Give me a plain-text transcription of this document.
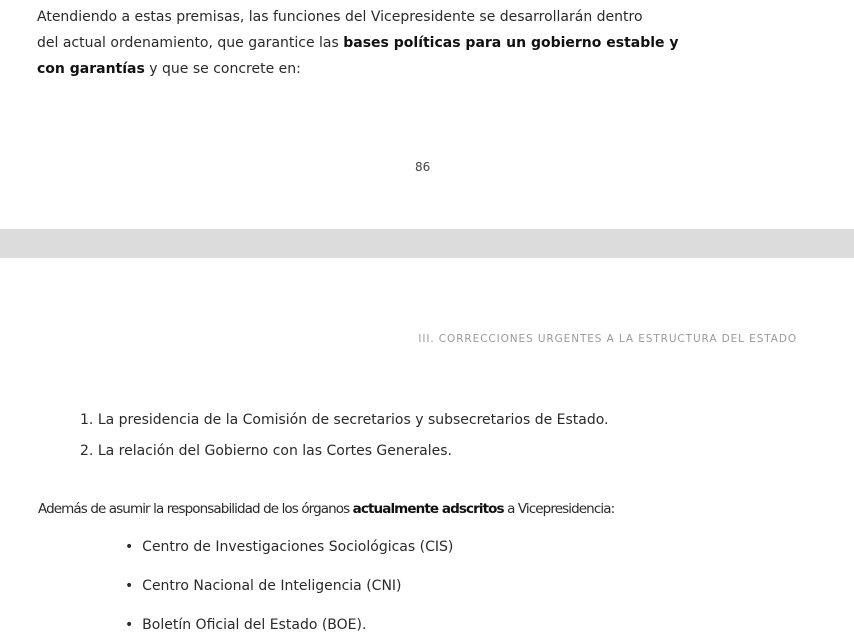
Atendiendo a estas premisas, las funciones del Vicepresidente se desarrollarán dentro
del actual ordenamiento, que garantice las bases políticas para un gobierno estable y
con garantías y que se concrete en:
86
III. CORRECCIONES URGENTES A LA ESTRUCTURA DEL ESTADO
1. La presidencia de la Comisión de secretarios y subsecretarios de Estado.
2. La relación del Gobierno con las Cortes Generales.
Además de asumir la responsabilidad de los órganos actualmente adscritos a Vicepresidencia:
• Centro de Investigaciones Sociológicas (CIS)
• Centro Nacional de Inteligencia (CNI)
• Boletín Oficial del Estado (BOE).
